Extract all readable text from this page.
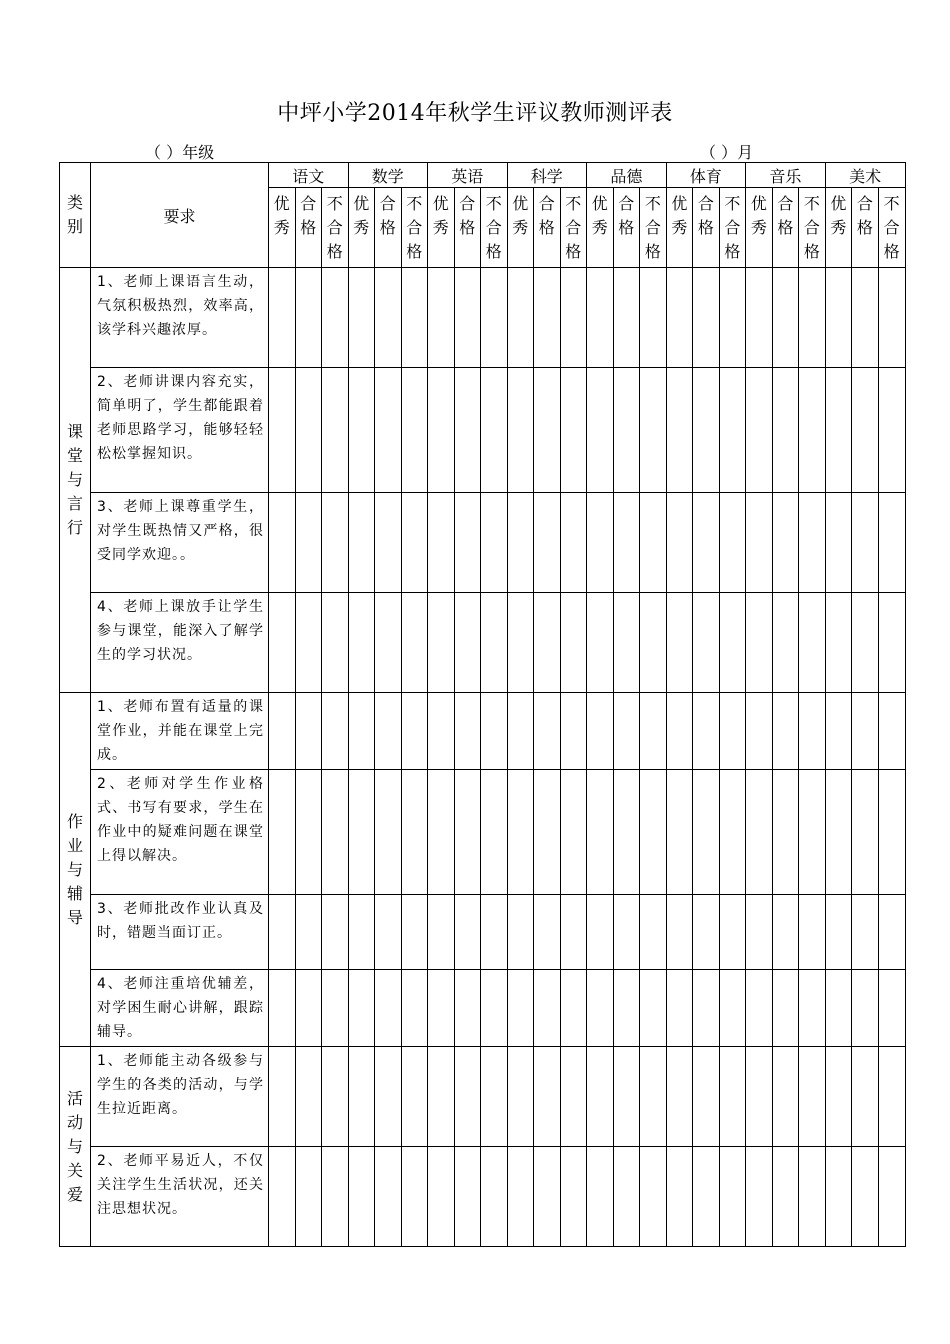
中坪小学2014年秋学生评议教师测评表
（ ）年级	（ ）月
类别	要求	语文			数学			英语			科学			品德			体育			音乐			美术		
		优秀	合格	不合格	优秀	合格	不合格	优秀	合格	不合格	优秀	合格	不合格	优秀	合格	不合格	优秀	合格	不合格	优秀	合格	不合格	优秀	合格	不合格
课堂与言行	1、老师上课语言生动，气氛积极热烈，效率高，该学科兴趣浓厚。																								
	2、老师讲课内容充实，简单明了，学生都能跟着老师思路学习，能够轻轻松松掌握知识。																								
	3、老师上课尊重学生，对学生既热情又严格，很受同学欢迎。。																								
	4、老师上课放手让学生参与课堂，能深入了解学生的学习状况。																								
作业与辅导	1、老师布置有适量的课堂作业，并能在课堂上完成。																								
	2、老师对学生作业格式、书写有要求，学生在作业中的疑难问题在课堂上得以解决。																								
	3、老师批改作业认真及时，错题当面订正。																								
	4、老师注重培优辅差，对学困生耐心讲解，跟踪辅导。																								
活动与关爱	1、老师能主动各级参与学生的各类的活动，与学生拉近距离。																								
	2、老师平易近人，不仅关注学生生活状况，还关注思想状况。																								
